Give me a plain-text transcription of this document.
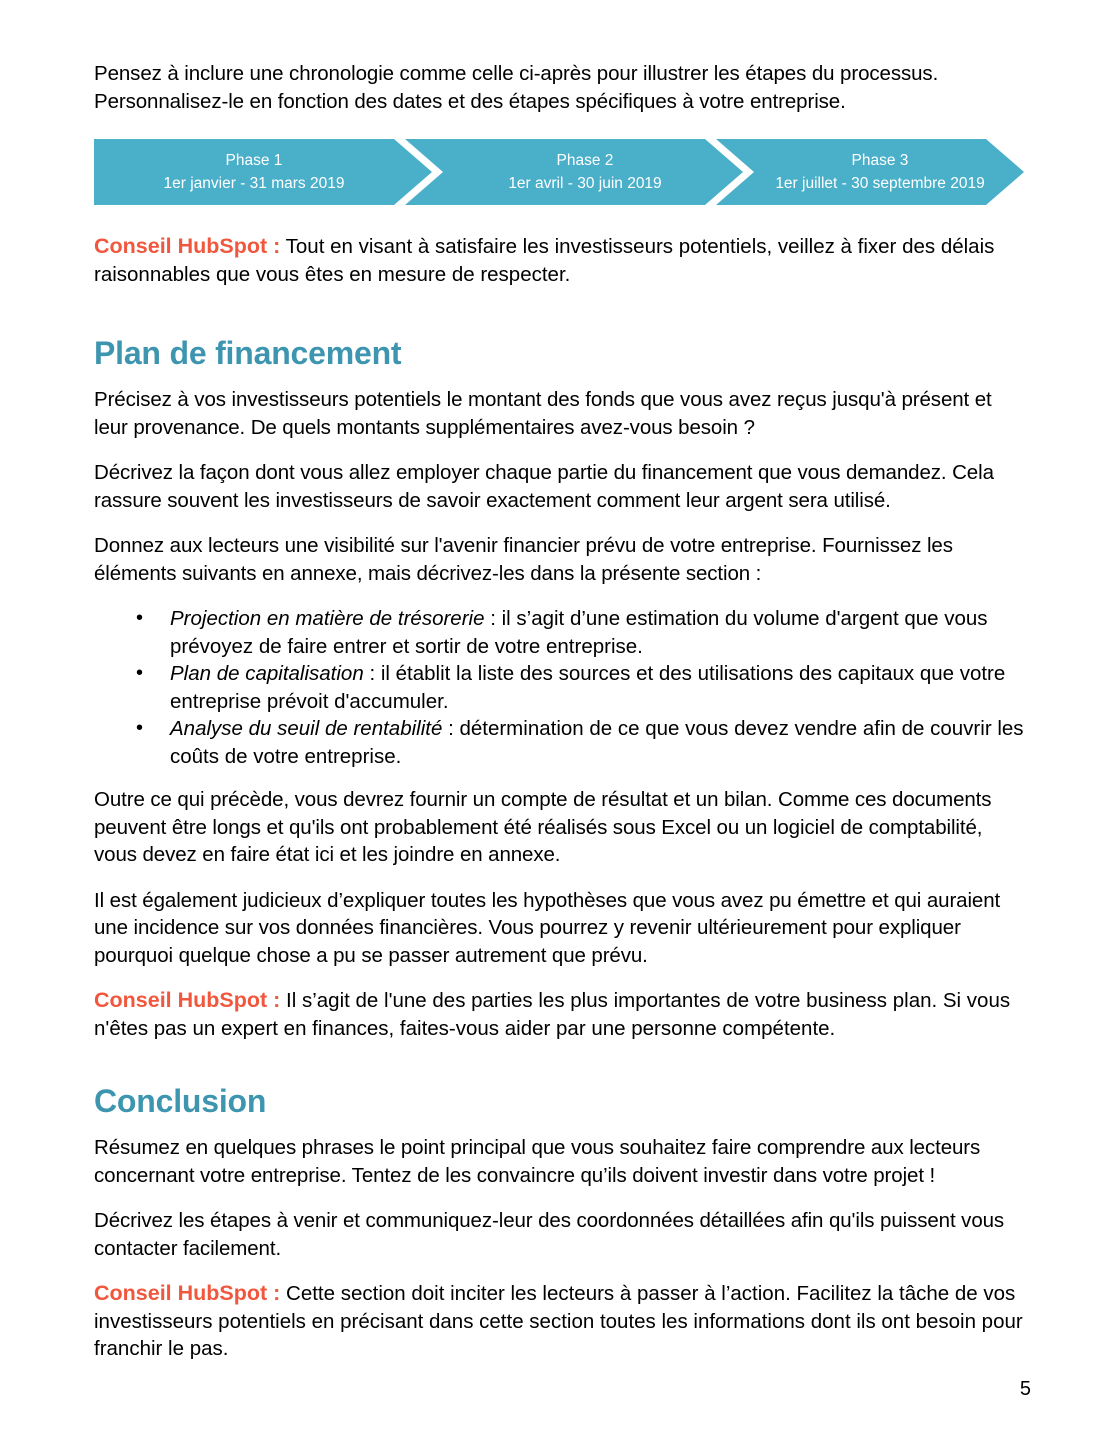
Pensez à inclure une chronologie comme celle ci-après pour illustrer les étapes du processus. Personnalisez-le en fonction des dates et des étapes spécifiques à votre entreprise.

Phase 1
1er janvier - 31 mars 2019
Phase 2
1er avril - 30 juin 2019
Phase 3
1er juillet - 30 septembre 2019

Conseil HubSpot : Tout en visant à satisfaire les investisseurs potentiels, veillez à fixer des délais raisonnables que vous êtes en mesure de respecter.

Plan de financement

Précisez à vos investisseurs potentiels le montant des fonds que vous avez reçus jusqu'à présent et leur provenance. De quels montants supplémentaires avez-vous besoin ?

Décrivez la façon dont vous allez employer chaque partie du financement que vous demandez. Cela rassure souvent les investisseurs de savoir exactement comment leur argent sera utilisé.

Donnez aux lecteurs une visibilité sur l'avenir financier prévu de votre entreprise. Fournissez les éléments suivants en annexe, mais décrivez-les dans la présente section :

• Projection en matière de trésorerie : il s’agit d’une estimation du volume d'argent que vous prévoyez de faire entrer et sortir de votre entreprise.
• Plan de capitalisation : il établit la liste des sources et des utilisations des capitaux que votre entreprise prévoit d'accumuler.
• Analyse du seuil de rentabilité : détermination de ce que vous devez vendre afin de couvrir les coûts de votre entreprise.

Outre ce qui précède, vous devrez fournir un compte de résultat et un bilan. Comme ces documents peuvent être longs et qu'ils ont probablement été réalisés sous Excel ou un logiciel de comptabilité, vous devez en faire état ici et les joindre en annexe.

Il est également judicieux d’expliquer toutes les hypothèses que vous avez pu émettre et qui auraient une incidence sur vos données financières. Vous pourrez y revenir ultérieurement pour expliquer pourquoi quelque chose a pu se passer autrement que prévu.

Conseil HubSpot : Il s’agit de l'une des parties les plus importantes de votre business plan. Si vous n'êtes pas un expert en finances, faites-vous aider par une personne compétente.

Conclusion

Résumez en quelques phrases le point principal que vous souhaitez faire comprendre aux lecteurs concernant votre entreprise. Tentez de les convaincre qu’ils doivent investir dans votre projet !

Décrivez les étapes à venir et communiquez-leur des coordonnées détaillées afin qu'ils puissent vous contacter facilement.

Conseil HubSpot : Cette section doit inciter les lecteurs à passer à l’action. Facilitez la tâche de vos investisseurs potentiels en précisant dans cette section toutes les informations dont ils ont besoin pour franchir le pas.

5
